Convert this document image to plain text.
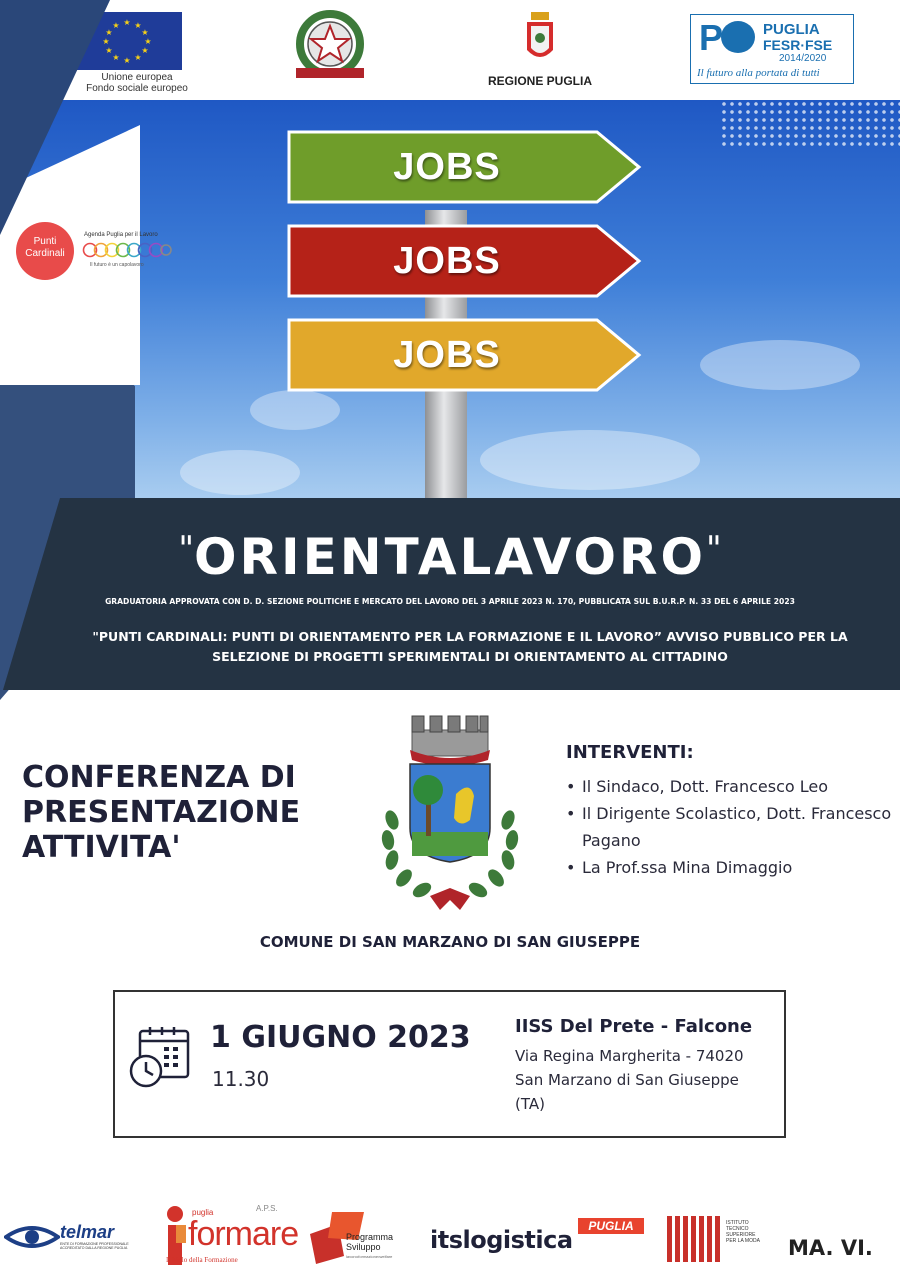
★ ★
★
★
★
★
★
★
★
★
★
★
Unione europea
Fondo sociale europeo
REGIONE PUGLIA
P	PUGLIA
FESR·FSE
2014/2020
Il futuro alla portata di tutti
JOBS
JOBS
JOBS
Punti
Cardinali
Agenda Puglia per il Lavoro
Il futuro è un capolavoro
"ORIENTALAVORO"
GRADUATORIA APPROVATA CON D. D. SEZIONE POLITICHE E MERCATO DEL LAVORO DEL 3 APRILE 2023 N. 170, PUBBLICATA SUL B.U.R.P. N. 33 DEL 6 APRILE 2023
"PUNTI CARDINALI: PUNTI DI ORIENTAMENTO PER LA FORMAZIONE E IL LAVORO” AVVISO PUBBLICO PER LA SELEZIONE DI PROGETTI SPERIMENTALI DI ORIENTAMENTO AL CITTADINO
CONFERENZA DI
PRESENTAZIONE
ATTIVITA'
INTERVENTI:
• Il Sindaco, Dott. Francesco Leo
• Il Dirigente Scolastico, Dott. Francesco Pagano
• La Prof.ssa Mina Dimaggio
COMUNE DI SAN MARZANO DI SAN GIUSEPPE
1 GIUGNO 2023
11.30
IISS Del Prete - Falcone
Via Regina Margherita - 74020 San Marzano di San Giuseppe (TA)
telmar
ENTE DI FORMAZIONE PROFESSIONALE ACCREDITATO DALLA REGIONE PUGLIA
puglia	A.P.S.
formare
Il Molo della Formazione
Programma
Sviluppo
lavoro•formazione•welfare
itslogistica	PUGLIA	ISTITUTO
TECNICO
SUPERIORE
PER LA MODA MA. VI.
